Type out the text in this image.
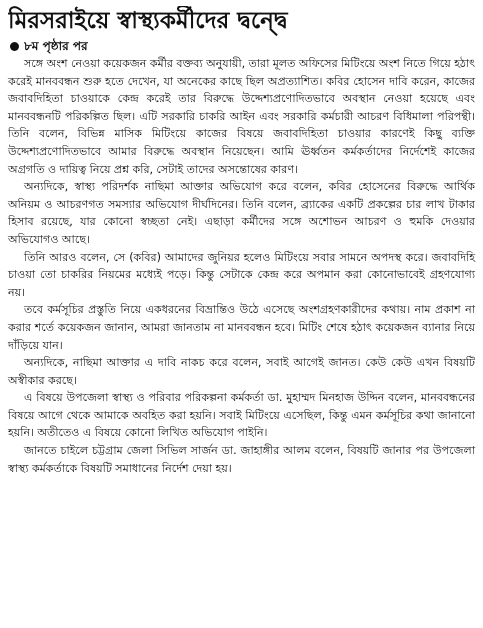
মিরসরাইয়ে স্বাস্থ্যকর্মীদের দ্বন্দ্বে
৮ম পৃষ্ঠার পর

সঙ্গে অংশ নেওয়া কয়েকজন কর্মীর বক্তব্য অনুযায়ী, তারা মূলত অফিসের মিটিংয়ে অংশ নিতে গিয়ে হঠাৎ করেই মানববন্ধন শুরু হতে দেখেন, যা অনেকের কাছে ছিল অপ্রত্যাশিত। কবির হোসেন দাবি করেন, কাজের জবাবদিহিতা চাওয়াকে কেন্দ্র করেই তার বিরুদ্ধে উদ্দেশ্যপ্রণোদিতভাবে অবস্থান নেওয়া হয়েছে এবং মানববন্ধনটি পরিকল্পিত ছিল। এটি সরকারি চাকরি আইন এবং সরকারি কর্মচারী আচরণ বিধিমালা পরিপন্থী। তিনি বলেন, বিভিন্ন মাসিক মিটিংয়ে কাজের বিষয়ে জবাবদিহিতা চাওয়ার কারণেই কিছু ব্যক্তি উদ্দেশ্যপ্রণোদিতভাবে আমার বিরুদ্ধে অবস্থান নিয়েছেন। আমি ঊর্ধ্বতন কর্মকর্তাদের নির্দেশেই কাজের অগ্রগতি ও দায়িত্ব নিয়ে প্রশ্ন করি, সেটাই তাদের অসন্তোষের কারণ।

অন্যদিকে, স্বাস্থ্য পরিদর্শক নাছিমা আক্তার অভিযোগ করে বলেন, কবির হোসেনের বিরুদ্ধে আর্থিক অনিয়ম ও আচরণগত সমস্যার অভিযোগ দীর্ঘদিনের। তিনি বলেন, ব্র্যাকের একটি প্রকল্পের চার লাখ টাকার হিসাব রয়েছে, যার কোনো স্বচ্ছতা নেই। এছাড়া কর্মীদের সঙ্গে অশোভন আচরণ ও হুমকি দেওয়ার অভিযোগও আছে।

তিনি আরও বলেন, সে (কবির) আমাদের জুনিয়র হলেও মিটিংয়ে সবার সামনে অপদস্থ করে। জবাবদিহি চাওয়া তো চাকরির নিয়মের মধ্যেই পড়ে। কিন্তু সেটাকে কেন্দ্র করে অপমান করা কোনোভাবেই গ্রহণযোগ্য নয়।

তবে কর্মসূচির প্রস্তুতি নিয়ে একধরনের বিভ্রান্তিও উঠে এসেছে অংশগ্রহণকারীদের কথায়। নাম প্রকাশ না করার শর্তে কয়েকজন জানান, আমরা জানতাম না মানববন্ধন হবে। মিটিং শেষে হঠাৎ কয়েকজন ব্যানার নিয়ে দাঁড়িয়ে যান।

অন্যদিকে, নাছিমা আক্তার এ দাবি নাকচ করে বলেন, সবাই আগেই জানত। কেউ কেউ এখন বিষয়টি অস্বীকার করছে।

এ বিষয়ে উপজেলা স্বাস্থ্য ও পরিবার পরিকল্পনা কর্মকর্তা ডা. মুহাম্মদ মিনহাজ উদ্দিন বলেন, মানববন্ধনের বিষয়ে আগে থেকে আমাকে অবহিত করা হয়নি। সবাই মিটিংয়ে এসেছিল, কিন্তু এমন কর্মসূচির কথা জানানো হয়নি। অতীতেও এ বিষয়ে কোনো লিখিত অভিযোগ পাইনি।

জানতে চাইলে চট্টগ্রাম জেলা সিভিল সার্জন ডা. জাহাঙ্গীর আলম বলেন, বিষয়টি জানার পর উপজেলা স্বাস্থ্য কর্মকর্তাকে বিষয়টি সমাধানের নির্দেশ দেয়া হয়।
